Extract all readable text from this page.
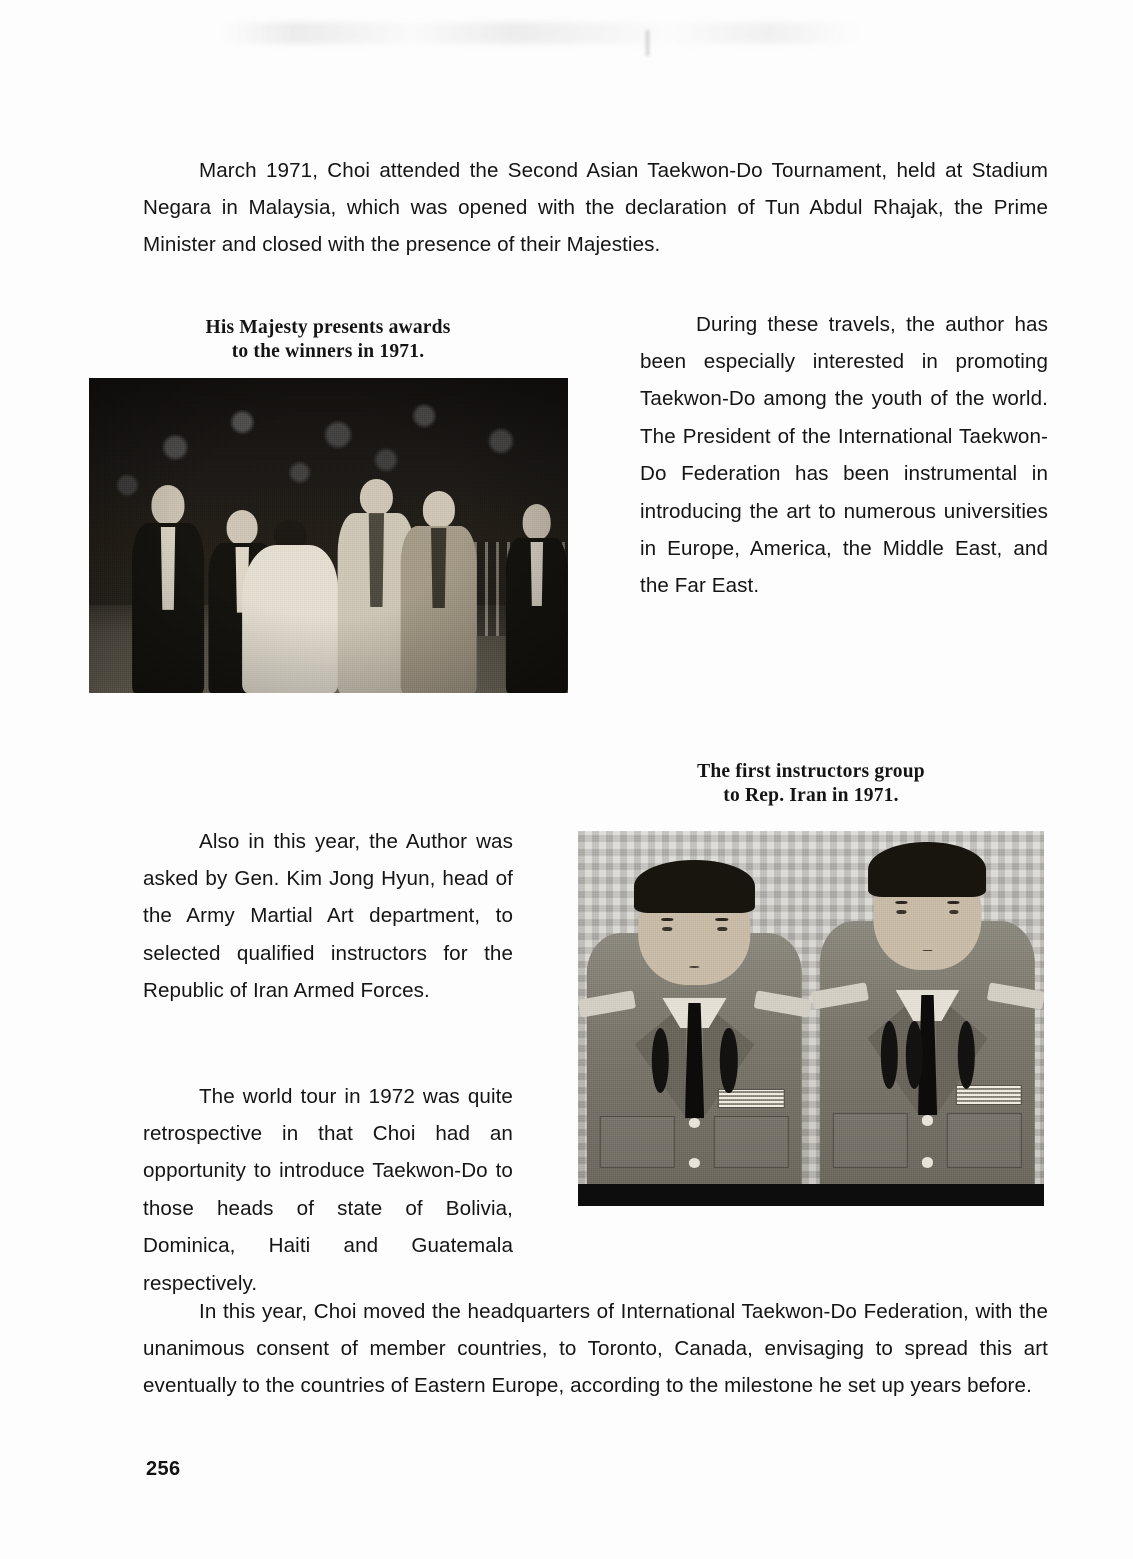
March 1971, Choi attended the Second Asian Taekwon-Do Tournament, held at Stadium Negara in Malaysia, which was opened with the declaration of Tun Abdul Rhajak, the Prime Minister and closed with the presence of their Majesties.

His Majesty presents awards
to the winners in 1971.

During these travels, the author has been especially interested in promoting Taekwon-Do among the youth of the world. The President of the International Taekwon-Do Federation has been instrumental in introducing the art to numerous universities in Europe, America, the Middle East, and the Far East.

The first instructors group
to Rep. Iran in 1971.

Also in this year, the Author was asked by Gen. Kim Jong Hyun, head of the Army Martial Art department, to selected qualified instructors for the Republic of Iran Armed Forces.

The world tour in 1972 was quite retrospective in that Choi had an opportunity to introduce Taekwon-Do to those heads of state of Bolivia, Dominica, Haiti and Guatemala respectively.

In this year, Choi moved the headquarters of International Taekwon-Do Federation, with the unanimous consent of member countries, to Toronto, Canada, envisaging to spread this art eventually to the countries of Eastern Europe, according to the milestone he set up years before.

256
